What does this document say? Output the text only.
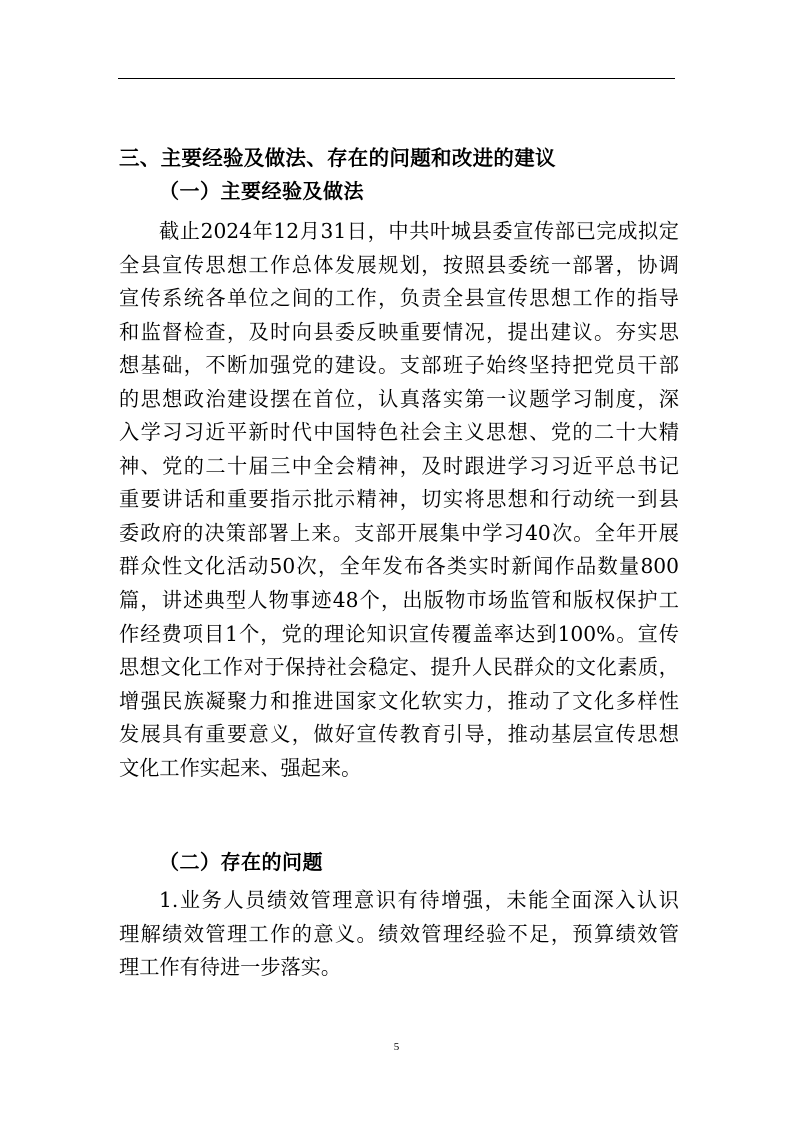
三、主要经验及做法、存在的问题和改进的建议
（一）主要经验及做法
截止2024年12月31日，中共叶城县委宣传部已完成拟定
全县宣传思想工作总体发展规划，按照县委统一部署，协调
宣传系统各单位之间的工作，负责全县宣传思想工作的指导
和监督检查，及时向县委反映重要情况，提出建议。夯实思
想基础，不断加强党的建设。支部班子始终坚持把党员干部
的思想政治建设摆在首位，认真落实第一议题学习制度，深
入学习习近平新时代中国特色社会主义思想、党的二十大精
神、党的二十届三中全会精神，及时跟进学习习近平总书记
重要讲话和重要指示批示精神，切实将思想和行动统一到县
委政府的决策部署上来。支部开展集中学习40次。全年开展
群众性文化活动50次，全年发布各类实时新闻作品数量800
篇，讲述典型人物事迹48个，出版物市场监管和版权保护工
作经费项目1个，党的理论知识宣传覆盖率达到100%。宣传
思想文化工作对于保持社会稳定、提升人民群众的文化素质，
增强民族凝聚力和推进国家文化软实力，推动了文化多样性
发展具有重要意义，做好宣传教育引导，推动基层宣传思想
文化工作实起来、强起来。
（二）存在的问题
1.业务人员绩效管理意识有待增强，未能全面深入认识
理解绩效管理工作的意义。绩效管理经验不足，预算绩效管
理工作有待进一步落实。
5
